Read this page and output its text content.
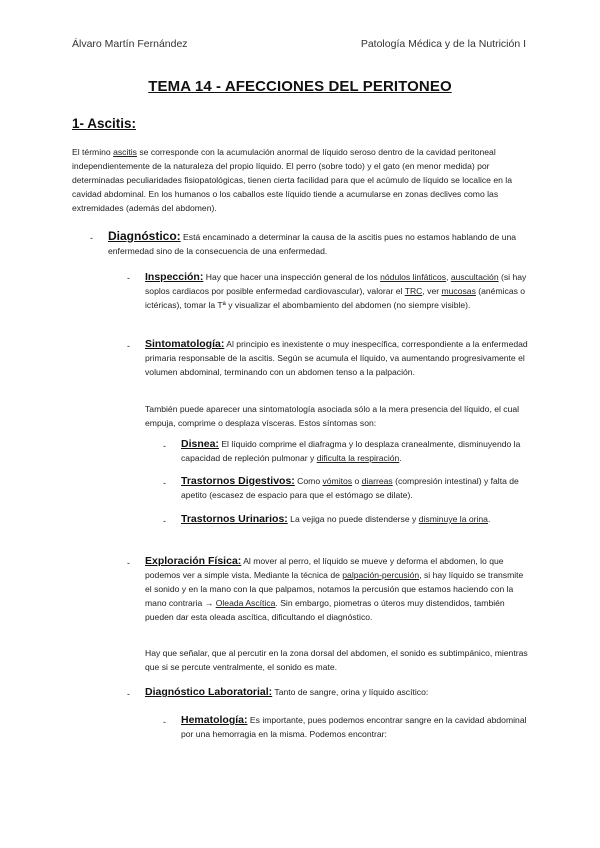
Álvaro Martín Fernández	Patología Médica y de la Nutrición I
TEMA 14 - AFECCIONES DEL PERITONEO
1- Ascitis:
El término ascitis se corresponde con la acumulación anormal de líquido seroso dentro de la cavidad peritoneal independientemente de la naturaleza del propio líquido. El perro (sobre todo) y el gato (en menor medida) por determinadas peculiaridades fisiopatológicas, tienen cierta facilidad para que el acúmulo de líquido se localice en la cavidad abdominal. En los humanos o los caballos este líquido tiende a acumularse en zonas declives como las extremidades (además del abdomen).
- Diagnóstico: Está encaminado a determinar la causa de la ascitis pues no estamos hablando de una enfermedad sino de la consecuencia de una enfermedad.
- Inspección: Hay que hacer una inspección general de los nódulos linfáticos, auscultación (si hay soplos cardiacos por posible enfermedad cardiovascular), valorar el TRC, ver mucosas (anémicas o ictéricas), tomar la Tª y visualizar el abombamiento del abdomen (no siempre visible).
- Sintomatología: Al principio es inexistente o muy inespecífica, correspondiente a la enfermedad primaria responsable de la ascitis. Según se acumula el líquido, va aumentando progresivamente el volumen abdominal, terminando con un abdomen tenso a la palpación.
También puede aparecer una sintomatología asociada sólo a la mera presencia del líquido, el cual empuja, comprime o desplaza vísceras. Estos síntomas son:
- Disnea: El líquido comprime el diafragma y lo desplaza cranealmente, disminuyendo la capacidad de repleción pulmonar y dificulta la respiración.
- Trastornos Digestivos: Como vómitos o diarreas (compresión intestinal) y falta de apetito (escasez de espacio para que el estómago se dilate).
- Trastornos Urinarios: La vejiga no puede distenderse y disminuye la orina.
- Exploración Física: Al mover al perro, el líquido se mueve y deforma el abdomen, lo que podemos ver a simple vista. Mediante la técnica de palpación-percusión, si hay líquido se transmite el sonido y en la mano con la que palpamos, notamos la percusión que estamos haciendo con la mano contraria → Oleada Ascítica. Sin embargo, piometras o úteros muy distendidos, también pueden dar esta oleada ascítica, dificultando el diagnóstico.
Hay que señalar, que al percutir en la zona dorsal del abdomen, el sonido es subtimpánico, mientras que si se percute ventralmente, el sonido es mate.
- Diagnóstico Laboratorial: Tanto de sangre, orina y líquido ascítico:
- Hematología: Es importante, pues podemos encontrar sangre en la cavidad abdominal por una hemorragia en la misma. Podemos encontrar:
